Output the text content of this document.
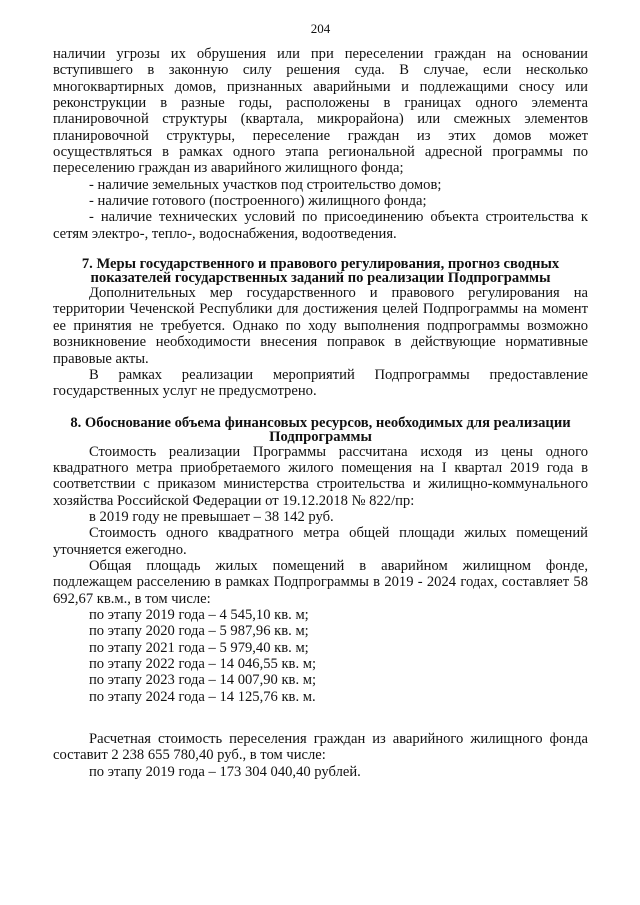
204

наличии угрозы их обрушения или при переселении граждан на основании вступившего в законную силу решения суда. В случае, если несколько многоквартирных домов, признанных аварийными и подлежащими сносу или реконструкции в разные годы, расположены в границах одного элемента планировочной структуры (квартала, микрорайона) или смежных элементов планировочной структуры, переселение граждан из этих домов может осуществляться в рамках одного этапа региональной адресной программы по переселению граждан из аварийного жилищного фонда;

- наличие земельных участков под строительство домов;

- наличие готового (построенного) жилищного фонда;

- наличие технических условий по присоединению объекта строительства к сетям электро-, тепло-, водоснабжения, водоотведения.

7. Меры государственного и правового регулирования, прогноз сводных показателей государственных заданий по реализации Подпрограммы

Дополнительных мер государственного и правового регулирования на территории Чеченской Республики для достижения целей Подпрограммы на момент ее принятия не требуется. Однако по ходу выполнения подпрограммы возможно возникновение необходимости внесения поправок в действующие нормативные правовые акты.

В рамках реализации мероприятий Подпрограммы предоставление государственных услуг не предусмотрено.

8. Обоснование объема финансовых ресурсов, необходимых для реализации Подпрограммы

Стоимость реализации Программы рассчитана исходя из цены одного квадратного метра приобретаемого жилого помещения на I квартал 2019 года в соответствии с приказом министерства строительства и жилищно-коммунального хозяйства Российской Федерации от 19.12.2018 № 822/пр:

в 2019 году не превышает – 38 142 руб.

Стоимость одного квадратного метра общей площади жилых помещений уточняется ежегодно.

Общая площадь жилых помещений в аварийном жилищном фонде, подлежащем расселению в рамках Подпрограммы в 2019 - 2024 годах, составляет 58 692,67 кв.м., в том числе:

по этапу 2019 года – 4 545,10 кв. м;

по этапу 2020 года – 5 987,96 кв. м;

по этапу 2021 года – 5 979,40 кв. м;

по этапу 2022 года – 14 046,55 кв. м;

по этапу 2023 года – 14 007,90 кв. м;

по этапу 2024 года – 14 125,76 кв. м.

Расчетная стоимость переселения граждан из аварийного жилищного фонда составит 2 238 655 780,40 руб., в том числе:

по этапу 2019 года – 173 304 040,40 рублей.
